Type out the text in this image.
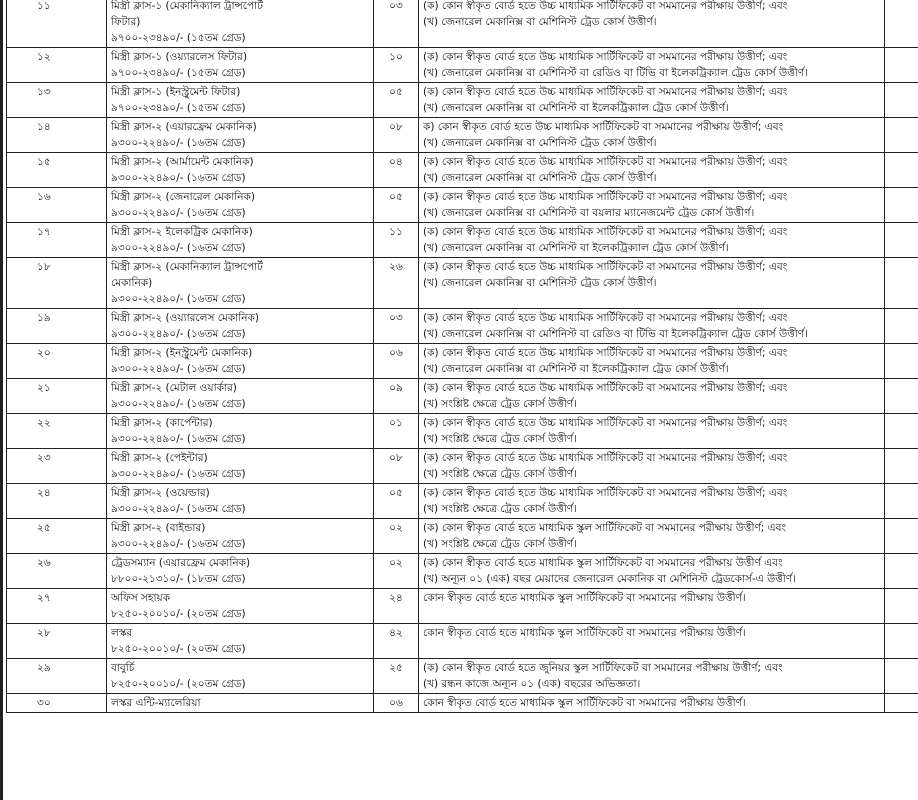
১১	মিস্ত্রী ক্লাস-১ (মেকানিক্যাল ট্রান্সপোর্ট
ফিটার)
৯৭০০-২৩৪৯০/- (১৫তম গ্রেড)	০৩	(ক) কোন স্বীকৃত বোর্ড হতে উচ্চ মাধ্যমিক সার্টিফিকেট বা সমমানের পরীক্ষায় উত্তীর্ণ; এবং
(খ) জেনারেল মেকানিক্স বা মেশিনিস্ট ট্রেড কোর্স উত্তীর্ণ।	

১২	মিস্ত্রী ক্লাস-১ (ওয়্যারলেস ফিটার)
৯৭০০-২৩৪৯০/- (১৫তম গ্রেড)	১০	(ক) কোন স্বীকৃত বোর্ড হতে উচ্চ মাধ্যমিক সার্টিফিকেট বা সমমানের পরীক্ষায় উত্তীর্ণ; এবং
(খ) জেনারেল মেকানিক্স বা মেশিনিস্ট বা রেডিও বা টিভি বা ইলেকট্রিক্যাল ট্রেড কোর্স উত্তীর্ণ।	

১৩	মিস্ত্রী ক্লাস-১ (ইনস্ট্রুমেন্ট ফিটার)
৯৭০০-২৩৪৯০/- (১৫তম গ্রেড)	০৫	(ক) কোন স্বীকৃত বোর্ড হতে উচ্চ মাধ্যমিক সার্টিফিকেট বা সমমানের পরীক্ষায় উত্তীর্ণ; এবং
(খ) জেনারেল মেকানিক্স বা মেশিনিস্ট বা ইলেকট্রিক্যাল ট্রেড কোর্স উত্তীর্ণ।	

১৪	মিস্ত্রী ক্লাস-২ (এয়ারফ্রেম মেকানিক)
৯৩০০-২২৪৯০/- (১৬তম গ্রেড)	০৮	ক) কোন স্বীকৃত বোর্ড হতে উচ্চ মাধ্যমিক সার্টিফিকেট বা সমমানের পরীক্ষায় উত্তীর্ণ; এবং
(খ) জেনারেল মেকানিক্স বা মেশিনিস্ট ট্রেড কোর্স উত্তীর্ণ।	

১৫	মিস্ত্রী ক্লাস-২ (আর্মামেন্ট মেকানিক)
৯৩০০-২২৪৯০/- (১৬তম গ্রেড)	০৪	(ক) কোন স্বীকৃত বোর্ড হতে উচ্চ মাধ্যমিক সার্টিফিকেট বা সমমানের পরীক্ষায় উত্তীর্ণ; এবং
(খ) জেনারেল মেকানিক্স বা মেশিনিস্ট ট্রেড কোর্স উত্তীর্ণ।	

১৬	মিস্ত্রী ক্লাস-২ (জেনারেল মেকানিক)
৯৩০০-২২৪৯০/- (১৬তম গ্রেড)	০৫	(ক) কোন স্বীকৃত বোর্ড হতে উচ্চ মাধ্যমিক সার্টিফিকেট বা সমমানের পরীক্ষায় উত্তীর্ণ; এবং
(খ) জেনারেল মেকানিক্স বা মেশিনিস্ট বা বয়লার ম্যানেজমেন্ট ট্রেড কোর্স উত্তীর্ণ।	

১৭	মিস্ত্রী ক্লাস-২ ইলেকট্রিক মেকানিক)
৯৩০০-২২৪৯০/- (১৬তম গ্রেড)	১১	(ক) কোন স্বীকৃত বোর্ড হতে উচ্চ মাধ্যমিক সার্টিফিকেট বা সমমানের পরীক্ষায় উত্তীর্ণ; এবং
(খ) জেনারেল মেকানিক্স বা মেশিনিস্ট বা ইলেকট্রিক্যাল ট্রেড কোর্স উত্তীর্ণ।	

১৮	মিস্ত্রী ক্লাস-২ (মেকানিক্যাল ট্রান্সপোর্ট
মেকানিক)
৯৩০০-২২৪৯০/- (১৬তম গ্রেড)	২৬	(ক) কোন স্বীকৃত বোর্ড হতে উচ্চ মাধ্যমিক সার্টিফিকেট বা সমমানের পরীক্ষায় উত্তীর্ণ; এবং
(খ) জেনারেল মেকানিক্স বা মেশিনিস্ট ট্রেড কোর্স উত্তীর্ণ।	

১৯	মিস্ত্রী ক্লাস-২ (ওয়্যারলেস মেকানিক)
৯৩০০-২২৪৯০/- (১৬তম গ্রেড)	০৩	(ক) কোন স্বীকৃত বোর্ড হতে উচ্চ মাধ্যমিক সার্টিফিকেট বা সমমানের পরীক্ষায় উত্তীর্ণ; এবং
(খ) জেনারেল মেকানিক্স বা মেশিনিস্ট বা রেডিও বা টিভি বা ইলেকট্রিক্যাল ট্রেড কোর্স উত্তীর্ণ।	

২০	মিস্ত্রী ক্লাস-২ (ইনস্ট্রুমেন্ট মেকানিক)
৯৩০০-২২৪৯০/- (১৬তম গ্রেড)	০৬	(ক) কোন স্বীকৃত বোর্ড হতে উচ্চ মাধ্যমিক সার্টিফিকেট বা সমমানের পরীক্ষায় উত্তীর্ণ; এবং
(খ) জেনারেল মেকানিক্স বা মেশিনিস্ট বা ইলেকট্রিক্যাল ট্রেড কোর্স উত্তীর্ণ।	

২১	মিস্ত্রী ক্লাস-২ (মেটাল ওয়ার্কার)
৯৩০০-২২৪৯০/- (১৬তম গ্রেড)	০৯	(ক) কোন স্বীকৃত বোর্ড হতে উচ্চ মাধ্যমিক সার্টিফিকেট বা সমমানের পরীক্ষায় উত্তীর্ণ; এবং
(খ) সংশ্লিষ্ট ক্ষেত্রে ট্রেড কোর্স উত্তীর্ণ।	

২২	মিস্ত্রী ক্লাস-২ (কার্পেন্টার)
৯৩০০-২২৪৯০/- (১৬তম গ্রেড)	০১	(ক) কোন স্বীকৃত বোর্ড হতে উচ্চ মাধ্যমিক সার্টিফিকেট বা সমমানের পরীক্ষায় উত্তীর্ণ; এবং
(খ) সংশ্লিষ্ট ক্ষেত্রে ট্রেড কোর্স উত্তীর্ণ।	

২৩	মিস্ত্রী ক্লাস-২ (পেইন্টার)
৯৩০০-২২৪৯০/- (১৬তম গ্রেড)	০৮	(ক) কোন স্বীকৃত বোর্ড হতে উচ্চ মাধ্যমিক সার্টিফিকেট বা সমমানের পরীক্ষায় উত্তীর্ণ; এবং
(খ) সংশ্লিষ্ট ক্ষেত্রে ট্রেড কোর্স উত্তীর্ণ।	

২৪	মিস্ত্রী ক্লাস-২ (ওয়েল্ডার)
৯৩০০-২২৪৯০/- (১৬তম গ্রেড)	০৫	(ক) কোন স্বীকৃত বোর্ড হতে উচ্চ মাধ্যমিক সার্টিফিকেট বা সমমানের পরীক্ষায় উত্তীর্ণ; এবং
(খ) সংশ্লিষ্ট ক্ষেত্রে ট্রেড কোর্স উত্তীর্ণ।	

২৫	মিস্ত্রী ক্লাস-২ (বাইন্ডার)
৯৩০০-২২৪৯০/- (১৬তম গ্রেড)	০২	(ক) কোন স্বীকৃত বোর্ড হতে মাধ্যমিক স্কুল সার্টিফিকেট বা সমমানের পরীক্ষায় উত্তীর্ণ; এবং
(খ) সংশ্লিষ্ট ক্ষেত্রে ট্রেড কোর্স উত্তীর্ণ।	

২৬	ট্রেডসম্যান (এয়ারফ্রেম মেকানিক)
৮৮০০-২১৩১০/- (১৮তম গ্রেড)	০২	(ক) কোন স্বীকৃত বোর্ড হতে মাধ্যমিক স্কুল সার্টিফিকেট বা সমমানের পরীক্ষায় উত্তীর্ণ এবং
(খ) অন্যূন ০১ (এক) বছর মেয়াদের জেনারেল মেকানিক বা মেশিনিস্ট ট্রেডকোর্স-এ উত্তীর্ণ।	

২৭	অফিস সহায়ক
৮২৫০-২০০১০/- (২০তম গ্রেড)	২৪	কোন স্বীকৃত বোর্ড হতে মাধ্যমিক স্কুল সার্টিফিকেট বা সমমানের পরীক্ষায় উত্তীর্ণ।	

২৮	লস্কর
৮২৫০-২০০১০/- (২০তম গ্রেড)	৪২	কোন স্বীকৃত বোর্ড হতে মাধ্যমিক স্কুল সার্টিফিকেট বা সমমানের পরীক্ষায় উত্তীর্ণ।	

২৯	বাবুর্চি
৮২৫০-২০০১০/- (২০তম গ্রেড)	২৫	(ক) কোন স্বীকৃত বোর্ড হতে জুনিয়র স্কুল সার্টিফিকেট বা সমমানের পরীক্ষায় উত্তীর্ণ; এবং
(খ) রন্ধন কাজে অন্যূন ০১ (এক) বছরের অভিজ্ঞতা।	

৩০	লস্কর এন্টি-ম্যালেরিয়া	০৬	কোন স্বীকৃত বোর্ড হতে মাধ্যমিক স্কুল সার্টিফিকেট বা সমমানের পরীক্ষায় উত্তীর্ণ।	
